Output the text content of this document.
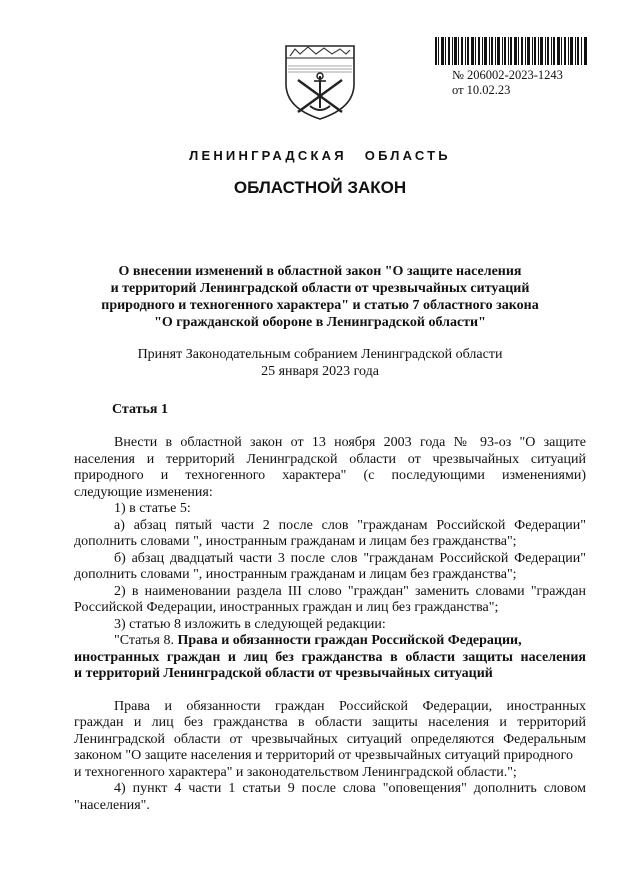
№ 206002-2023-1243
от 10.02.23
ЛЕНИНГРАДСКАЯ ОБЛАСТЬ
ОБЛАСТНОЙ ЗАКОН
О внесении изменений в областной закон "О защите населения
и территорий Ленинградской области от чрезвычайных ситуаций
природного и техногенного характера" и статью 7 областного закона
"О гражданской обороне в Ленинградской области"
Принят Законодательным собранием Ленинградской области
25 января 2023 года
Статья 1
Внести в областной закон от 13 ноября 2003 года № 93-оз "О защите
населения и территорий Ленинградской области от чрезвычайных ситуаций
природного и техногенного характера" (с последующими изменениями)
следующие изменения:
1) в статье 5:
а) абзац пятый части 2 после слов "гражданам Российской Федерации"
дополнить словами ", иностранным гражданам и лицам без гражданства";
б) абзац двадцатый части 3 после слов "гражданам Российской Федерации"
дополнить словами ", иностранным гражданам и лицам без гражданства";
2) в наименовании раздела III слово "граждан" заменить словами "граждан
Российской Федерации, иностранных граждан и лиц без гражданства";
3) статью 8 изложить в следующей редакции:
"Статья 8. Права и обязанности граждан Российской Федерации,
иностранных граждан и лиц без гражданства в области защиты населения
и территорий Ленинградской области от чрезвычайных ситуаций
Права и обязанности граждан Российской Федерации, иностранных
граждан и лиц без гражданства в области защиты населения и территорий
Ленинградской области от чрезвычайных ситуаций определяются Федеральным
законом "О защите населения и территорий от чрезвычайных ситуаций природного
и техногенного характера" и законодательством Ленинградской области.";
4) пункт 4 части 1 статьи 9 после слова "оповещения" дополнить словом
"населения".
